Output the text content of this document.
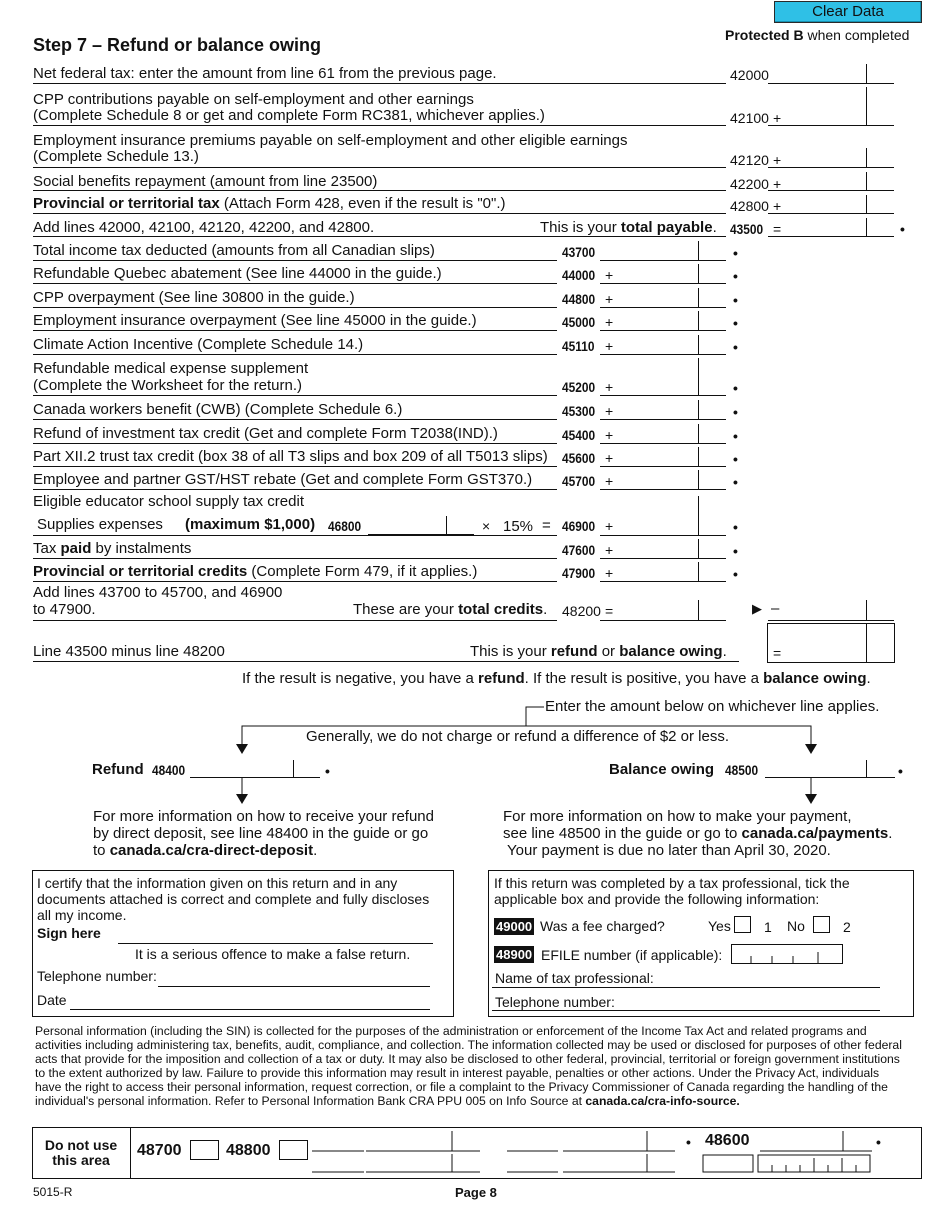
Clear Data
Step 7 – Refund or balance owing	Protected B when completed
Net federal tax: enter the amount from line 61 from the previous page.	42000
CPP contributions payable on self-employment and other earnings
(Complete Schedule 8 or get and complete Form RC381, whichever applies.)	42100 +
Employment insurance premiums payable on self-employment and other eligible earnings
(Complete Schedule 13.)	42120 +
Social benefits repayment (amount from line 23500)	42200 +
Provincial or territorial tax (Attach Form 428, even if the result is "0".)	42800 +
Add lines 42000, 42100, 42120, 42200, and 42800.	This is your total payable. 43500 =	•
Total income tax deducted (amounts from all Canadian slips)	43700	•
Refundable Quebec abatement (See line 44000 in the guide.)	44000 +	•
CPP overpayment (See line 30800 in the guide.)	44800 +	•
Employment insurance overpayment (See line 45000 in the guide.)	45000 +	•
Climate Action Incentive (Complete Schedule 14.)	45110 +	•
Refundable medical expense supplement
(Complete the Worksheet for the return.)	45200 +	•
Canada workers benefit (CWB) (Complete Schedule 6.)	45300 +	•
Refund of investment tax credit (Get and complete Form T2038(IND).)	45400 +	•
Part XII.2 trust tax credit (box 38 of all T3 slips and box 209 of all T5013 slips) 45600 +	•
Employee and partner GST/HST rebate (Get and complete Form GST370.) 45700 +	•
Eligible educator school supply tax credit
Supplies expenses (maximum $1,000) 46800	× 15% = 46900 +	•
Tax paid by instalments	47600 +	•
Provincial or territorial credits (Complete Form 479, if it applies.)	47900 +	•
Add lines 43700 to 45700, and 46900
to 47900.	These are your total credits. 48200 =	▶ –
Line 43500 minus line 48200	This is your refund or balance owing.	=
If the result is negative, you have a refund. If the result is positive, you have a balance owing.
Enter the amount below on whichever line applies.
Generally, we do not charge or refund a difference of $2 or less.
Refund 48400	•	Balance owing 48500	•
For more information on how to receive your refund
by direct deposit, see line 48400 in the guide or go
to canada.ca/cra-direct-deposit.
For more information on how to make your payment,
see line 48500 in the guide or go to canada.ca/payments.
Your payment is due no later than April 30, 2020.
I certify that the information given on this return and in any
documents attached is correct and complete and fully discloses
all my income.
Sign here
It is a serious offence to make a false return.
Telephone number:
Date
If this return was completed by a tax professional, tick the
applicable box and provide the following information:
49000 Was a fee charged?	Yes 1 No	2
48900 EFILE number (if applicable):
Name of tax professional:
Telephone number:
Personal information (including the SIN) is collected for the purposes of the administration or enforcement of the Income Tax Act and related programs and activities including administering tax, benefits, audit, compliance, and collection. The information collected may be used or disclosed for purposes of other federal acts that provide for the imposition and collection of a tax or duty. It may also be disclosed to other federal, provincial, territorial or foreign government institutions to the extent authorized by law. Failure to provide this information may result in interest payable, penalties or other actions. Under the Privacy Act, individuals have the right to access their personal information, request correction, or file a complaint to the Privacy Commissioner of Canada regarding the handling of the individual's personal information. Refer to Personal Information Bank CRA PPU 005 on Info Source at canada.ca/cra-info-source.
Do not use
this area
48700	48800	• 48600	•
5015-R	Page 8
